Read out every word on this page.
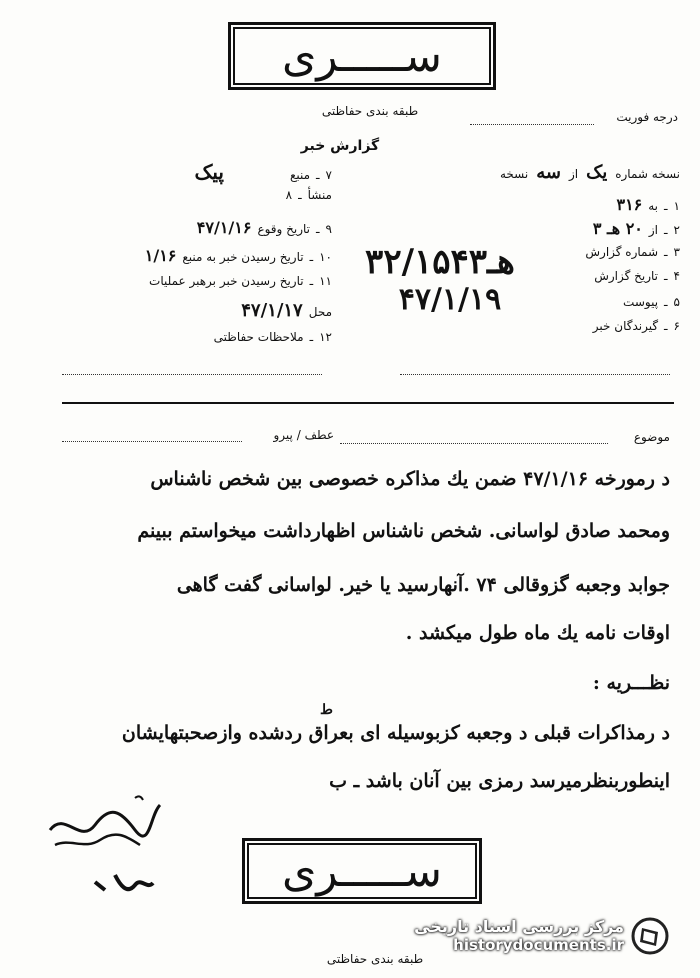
ســـــری
طبقه بندی حفاظتی	درجه فوریت
گزارش خبر
نسخه شماره
یک
از
سه
نسخه
۱
ـ
به
۳۱۶
۲
ـ
از
۲۰ هـ ۳
۳
ـ
شماره گزارش
۴
ـ
تاریخ گزارش
۵
ـ
پیوست
۶
ـ
گیرندگان خبر
۳هـ۲/۱۵۴۳
۴۷/۱/۱۹
۷
ـ
منبع
پیک
منشأ
ـ
۸
۹
ـ
تاریخ وقوع
۴۷/۱/۱۶
۱۰
ـ
تاریخ رسیدن خبر به منبع
۱/۱۶
۱۱
ـ
تاریخ رسیدن خبر برهبر عملیات
محل
۴۷/۱/۱۷
۱۲
ـ
ملاحظات حفاظتی
موضوع
عطف / پیرو
د رمورخه ۴۷/۱/۱۶ ضمن یك مذاكره خصوصی بین شخص ناشناس
ومحمد صادق لواسانی. شخص ناشناس اظهارداشت میخواستم ببینم
جوابد وجعبه گزوقالی ۷۴ .آنهارسید یا خیر. لواسانی گفت گاهی
اوقات نامه یك ماه طول میكشد .
نظـــریه :
ط
د رمذاكرات قبلی د وجعبه كزبوسیله ای بعراق ردشده وازصحبتهایشان
اینطوربنظرمیرسد رمزی بین آنان باشد ـ ب
ســـــری
طبقه بندی حفاظتی
مركز بررسی اسناد تاریخی
historydocuments.ir
